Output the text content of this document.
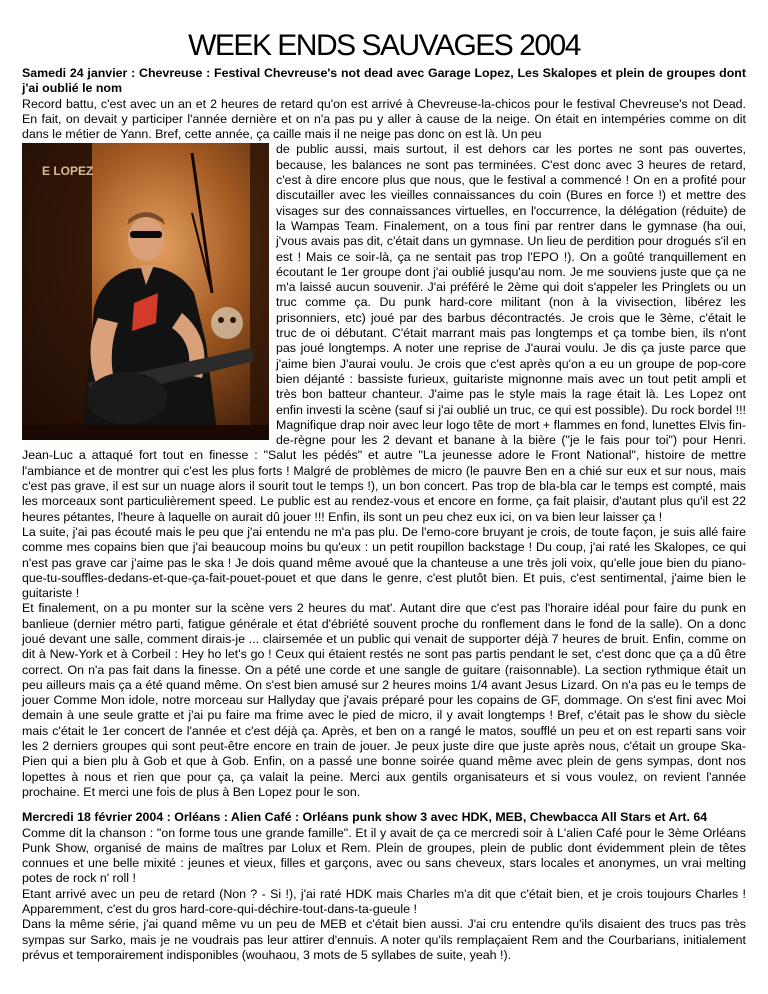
WEEK ENDS SAUVAGES 2004

Samedi 24 janvier : Chevreuse : Festival Chevreuse's not dead avec Garage Lopez, Les Skalopes et plein de groupes dont j'ai oublié le nom

Record battu, c'est avec un an et 2 heures de retard qu'on est arrivé à Chevreuse-la-chicos pour le festival Chevreuse's not Dead. En fait, on devait y participer l'année dernière et on n'a pas pu y aller à cause de la neige. On était en intempéries comme on dit dans le métier de Yann. Bref, cette année, ça caille mais il ne neige pas donc on est là. Un peu

E LOPEZ

de public aussi, mais surtout, il est dehors car les portes ne sont pas ouvertes, because, les balances ne sont pas terminées. C'est donc avec 3 heures de retard, c'est à dire encore plus que nous, que le festival a commencé ! On en a profité pour discutailler avec les vieilles connaissances du coin (Bures en force !) et mettre des visages sur des connaissances virtuelles, en l'occurrence, la délégation (réduite) de la Wampas Team. Finalement, on a tous fini par rentrer dans le gymnase (ha oui, j'vous avais pas dit, c'était dans un gymnase. Un lieu de perdition pour drogués s'il en est ! Mais ce soir-là, ça ne sentait pas trop l'EPO !). On a goûté tranquillement en écoutant le 1er groupe dont j'ai oublié jusqu'au nom. Je me souviens juste que ça ne m'a laissé aucun souvenir. J'ai préféré le 2ème qui doit s'appeler les Pringlets ou un truc comme ça. Du punk hard-core militant (non à la vivisection, libérez les prisonniers, etc) joué par des barbus décontractés. Je crois que le 3ème, c'était le truc de oi débutant. C'était marrant mais pas longtemps et ça tombe bien, ils n'ont pas joué longtemps. A noter une reprise de J'aurai voulu. Je dis ça juste parce que j'aime bien J'aurai voulu. Je crois que c'est après qu'on a eu un groupe de pop-core bien déjanté : bassiste furieux, guitariste mignonne mais avec un tout petit ampli et très bon batteur chanteur. J'aime pas le style mais la rage était là. Les Lopez ont enfin investi la scène (sauf si j'ai oublié un truc, ce qui est possible). Du rock bordel !!! Magnifique drap noir avec leur logo tête de mort + flammes en fond, lunettes Elvis fin-de-règne pour les 2 devant et banane à la bière ("je le fais pour toi") pour Henri. Jean-Luc a attaqué fort tout en finesse : "Salut les pédés" et autre "La jeunesse adore le Front National", histoire de mettre l'ambiance et de montrer qui c'est les plus forts ! Malgré de problèmes de micro (le pauvre Ben en a chié sur eux et sur nous, mais c'est pas grave, il est sur un nuage alors il sourit tout le temps !), un bon concert. Pas trop de bla-bla car le temps est compté, mais les morceaux sont particulièrement speed. Le public est au rendez-vous et encore en forme, ça fait plaisir, d'autant plus qu'il est 22 heures pétantes, l'heure à laquelle on aurait dû jouer !!! Enfin, ils sont un peu chez eux ici, on va bien leur laisser ça !

La suite, j'ai pas écouté mais le peu que j'ai entendu ne m'a pas plu. De l'emo-core bruyant je crois, de toute façon, je suis allé faire comme mes copains bien que j'ai beaucoup moins bu qu'eux : un petit roupillon backstage ! Du coup, j'ai raté les Skalopes, ce qui n'est pas grave car j'aime pas le ska ! Je dois quand même avoué que la chanteuse a une très joli voix, qu'elle joue bien du piano-que-tu-souffles-dedans-et-que-ça-fait-pouet-pouet et que dans le genre, c'est plutôt bien. Et puis, c'est sentimental, j'aime bien le guitariste !

Et finalement, on a pu monter sur la scène vers 2 heures du mat'. Autant dire que c'est pas l'horaire idéal pour faire du punk en banlieue (dernier métro parti, fatigue générale et état d'ébriété souvent proche du ronflement dans le fond de la salle). On a donc joué devant une salle, comment dirais-je ... clairsemée et un public qui venait de supporter déjà 7 heures de bruit. Enfin, comme on dit à New-York et à Corbeil : Hey ho let's go ! Ceux qui étaient restés ne sont pas partis pendant le set, c'est donc que ça a dû être correct. On n'a pas fait dans la finesse. On a pété une corde et une sangle de guitare (raisonnable). La section rythmique était un peu ailleurs mais ça a été quand même. On s'est bien amusé sur 2 heures moins 1/4 avant Jesus Lizard. On n'a pas eu le temps de jouer Comme Mon idole, notre morceau sur Hallyday que j'avais préparé pour les copains de GF, dommage. On s'est fini avec Moi demain à une seule gratte et j'ai pu faire ma frime avec le pied de micro, il y avait longtemps ! Bref, c'était pas le show du siècle mais c'était le 1er concert de l'année et c'est déjà ça. Après, et ben on a rangé le matos, soufflé un peu et on est reparti sans voir les 2 derniers groupes qui sont peut-être encore en train de jouer. Je peux juste dire que juste après nous, c'était un groupe Ska-Pien qui a bien plu à Gob et que à Gob. Enfin, on a passé une bonne soirée quand même avec plein de gens sympas, dont nos lopettes à nous et rien que pour ça, ça valait la peine. Merci aux gentils organisateurs et si vous voulez, on revient l'année prochaine. Et merci une fois de plus à Ben Lopez pour le son.

Mercredi 18 février 2004 : Orléans : Alien Café : Orléans punk show 3 avec HDK, MEB, Chewbacca All Stars et Art. 64

Comme dit la chanson : "on forme tous une grande famille". Et il y avait de ça ce mercredi soir à L'alien Café pour le 3ème Orléans Punk Show, organisé de mains de maîtres par Lolux et Rem. Plein de groupes, plein de public dont évidemment plein de têtes connues et une belle mixité : jeunes et vieux, filles et garçons, avec ou sans cheveux, stars locales et anonymes, un vrai melting potes de rock n' roll !

Etant arrivé avec un peu de retard (Non ? - Si !), j'ai raté HDK mais Charles m'a dit que c'était bien, et je crois toujours Charles ! Apparemment, c'est du gros hard-core-qui-déchire-tout-dans-ta-gueule !

Dans la même série, j'ai quand même vu un peu de MEB et c'était bien aussi. J'ai cru entendre qu'ils disaient des trucs pas très sympas sur Sarko, mais je ne voudrais pas leur attirer d'ennuis. A noter qu'ils remplaçaient Rem and the Courbarians, initialement prévus et temporairement indisponibles (wouhaou, 3 mots de 5 syllabes de suite, yeah !).
